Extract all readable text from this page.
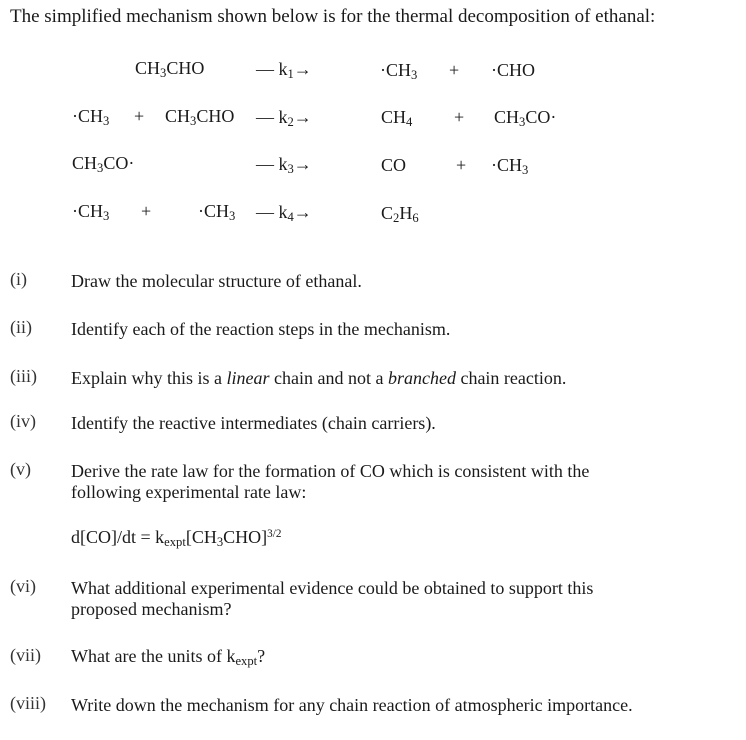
The simplified mechanism shown below is for the thermal decomposition of ethanal:
$CH_3CHO$	— $k_1\to$	$\cdot CH_3 + \cdot CHO$
$\cdot CH_3 + CH_3CHO$ — $k_2\to$	$CH_4 + CH_3CO\cdot$
$CH_3CO\cdot$	— $k_3\to$	CO	+ $\cdot CH_3$
$\cdot CH_3$ +	$\cdot CH_3$ — $k_4\to$	$C_2H_6$
(i) Draw the molecular structure of ethanal.
(ii) Identify each of the reaction steps in the mechanism.
(iii) Explain why this is a linear chain and not a branched chain reaction.
(iv) Identify the reactive intermediates (chain carriers).
(v) Derive the rate law for the formation of CO which is consistent with the
following experimental rate law:
$d[CO]/dt = k_{expt}[CH_3CHO]^{3/2}$
(vi) What additional experimental evidence could be obtained to support this
proposed mechanism?
(vii) What are the units of $k_{expt}$?
(viii) Write down the mechanism for any chain reaction of atmospheric importance.
